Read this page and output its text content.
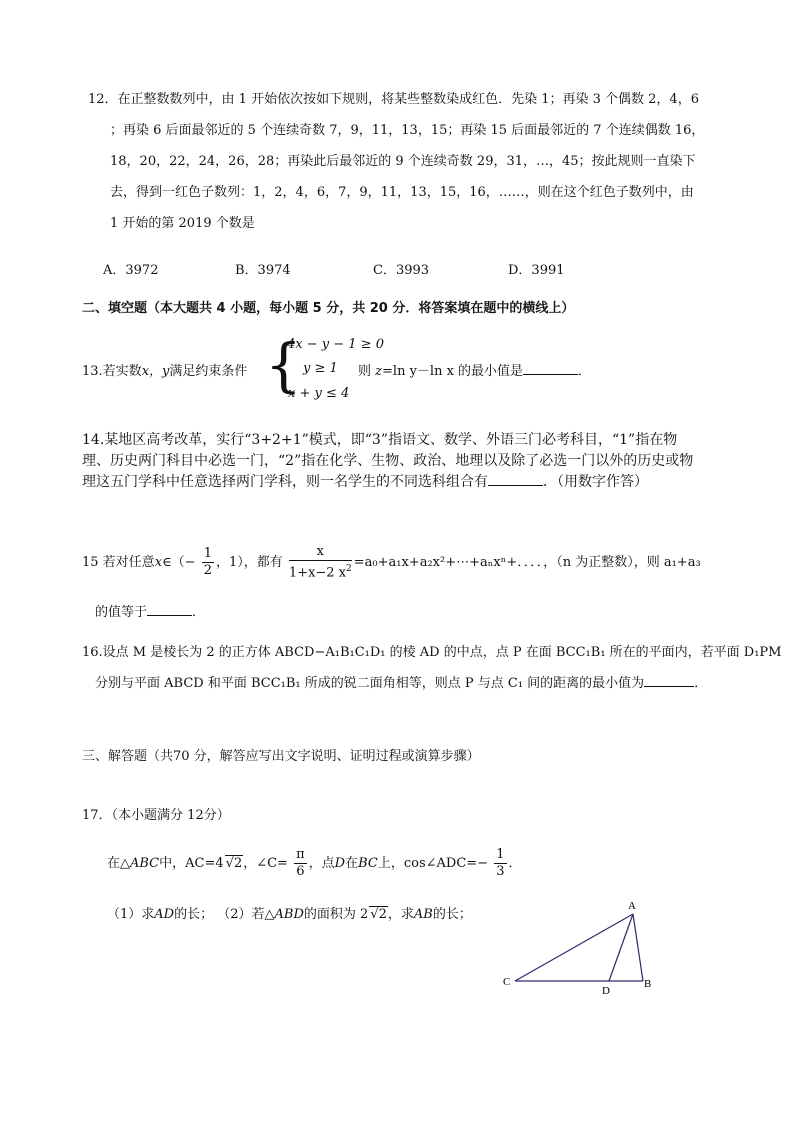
12．在正整数数列中，由 1 开始依次按如下规则，将某些整数染成红色．先染 1；再染 3 个偶数 2，4，6
；再染 6 后面最邻近的 5 个连续奇数 7，9，11，13，15；再染 15 后面最邻近的 7 个连续偶数 16，
18，20，22，24，26，28；再染此后最邻近的 9 个连续奇数 29，31，…，45；按此规则一直染下
去，得到一红色子数列：1，2，4，6，7，9，11，13，15，16，……，则在这个红色子数列中，由
1 开始的第 2019 个数是
A．3972	B．3974	C．3993	D．3991
二、填空题（本大题共 4 小题，每小题 5 分，共 20 分．将答案填在题中的横线上）
13.若实数x，y满足约束条件 {
4x − y − 1 ≥ 0
y ≥ 1
x + y ≤ 4
则 z=ln y－ln x 的最小值是	．
14.某地区高考改革，实行“3+2+1”模式，即“3”指语文、数学、外语三门必考科目，“1”指在物
理、历史两门科目中必选一门，“2”指在化学、生物、政治、地理以及除了必选一门以外的历史或物
理这五门学科中任意选择两门学科，则一名学生的不同选科组合有	．（用数字作答）
15 若对任意x∈（− $\frac{1}{2}$ ，1），都有 $\frac{x}{1+x-2 x^2}$ =a₀+a₁x+a₂x²+⋯+aₙxⁿ+．．．．，（n 为正整数），则 a₁+a₃
的值等于	．
16.设点 M 是棱长为 2 的正方体 ABCD−A₁B₁C₁D₁ 的棱 AD 的中点，点 P 在面 BCC₁B₁ 所在的平面内，若平面 D₁PM
分别与平面 ABCD 和平面 BCC₁B₁ 所成的锐二面角相等，则点 P 与点 C₁ 间的距离的最小值为	．
三、解答题（共70 分，解答应写出文字说明、证明过程或演算步骤）
17．（本小题满分 12分）
在△ABC中，AC=4 √2，∠C= $\frac{\pi}{6}$ ，点D在BC上，cos∠ADC=− $\frac{1}{3}$ ．
（1）求AD的长； （2）若△ABD的面积为 2 √2，求AB的长；
A
C
D
B
